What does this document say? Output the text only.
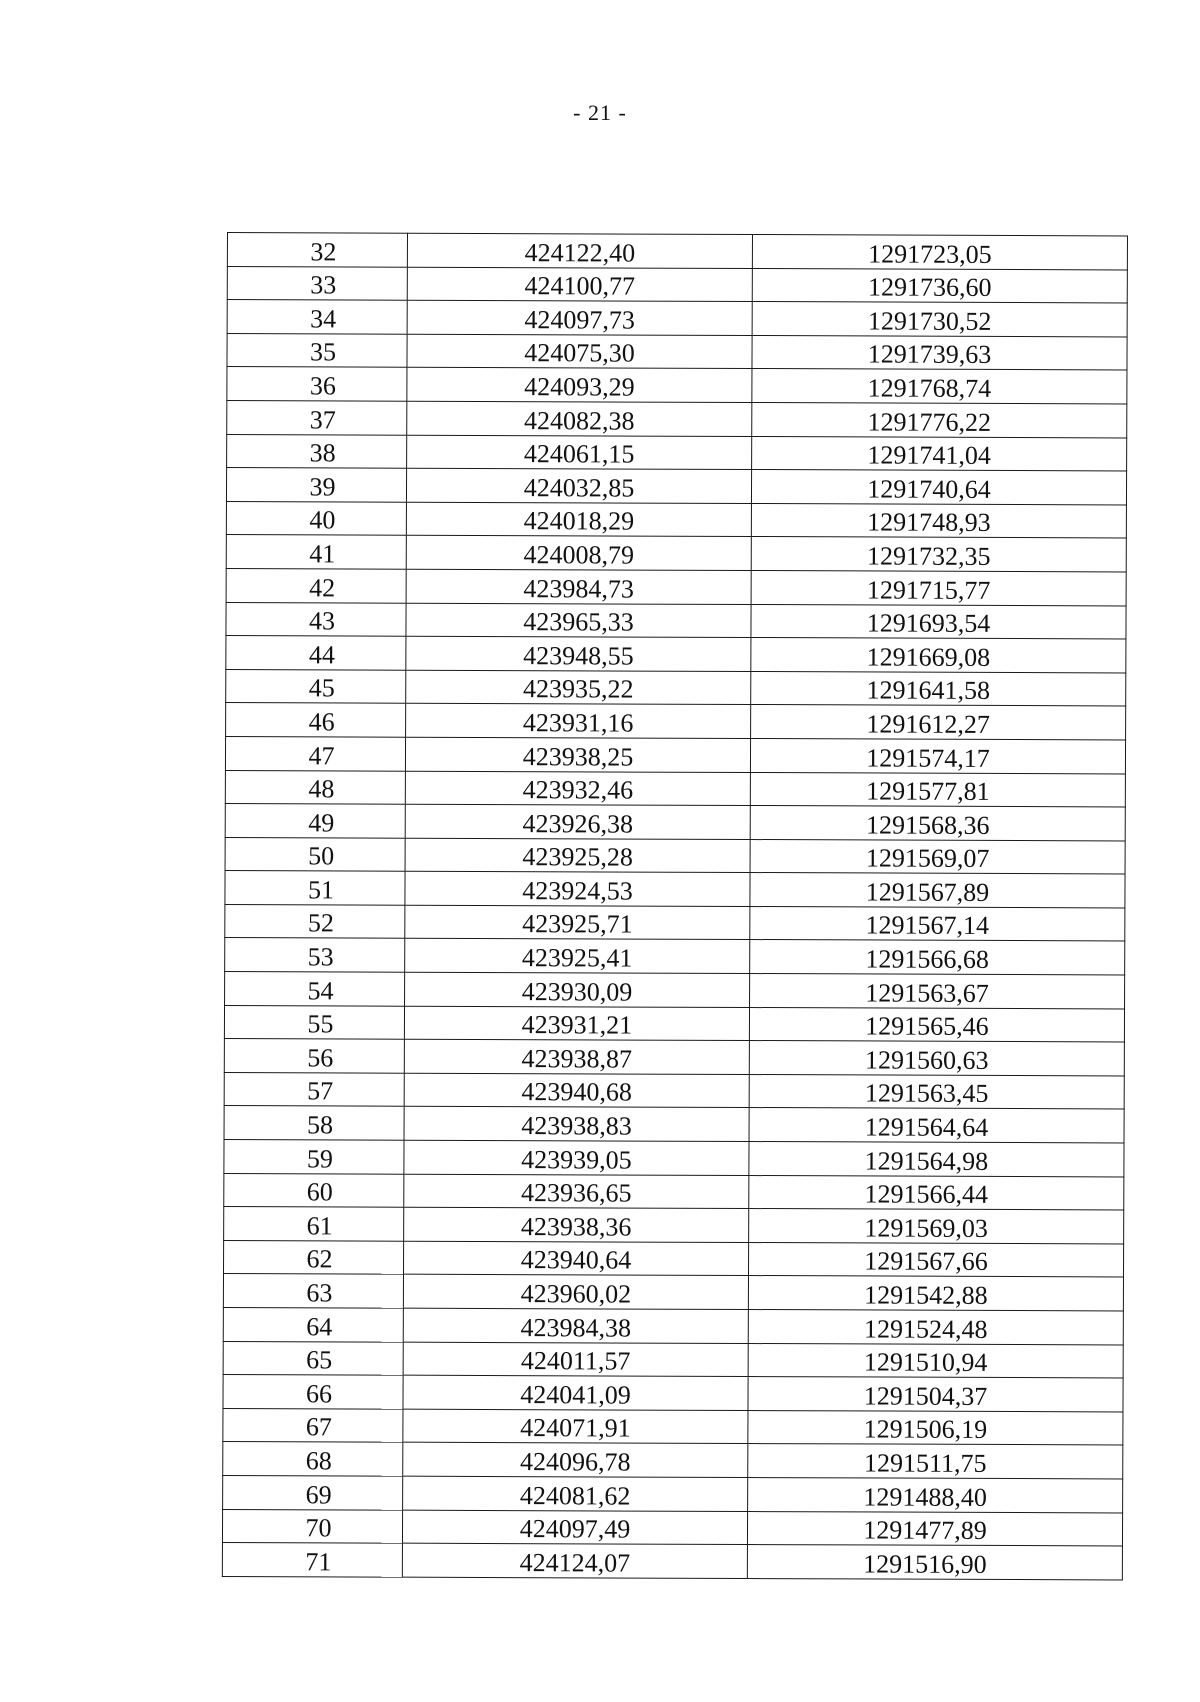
- 21 -
32	424122,40	1291723,05
33	424100,77	1291736,60
34	424097,73	1291730,52
35	424075,30	1291739,63
36	424093,29	1291768,74
37	424082,38	1291776,22
38	424061,15	1291741,04
39	424032,85	1291740,64
40	424018,29	1291748,93
41	424008,79	1291732,35
42	423984,73	1291715,77
43	423965,33	1291693,54
44	423948,55	1291669,08
45	423935,22	1291641,58
46	423931,16	1291612,27
47	423938,25	1291574,17
48	423932,46	1291577,81
49	423926,38	1291568,36
50	423925,28	1291569,07
51	423924,53	1291567,89
52	423925,71	1291567,14
53	423925,41	1291566,68
54	423930,09	1291563,67
55	423931,21	1291565,46
56	423938,87	1291560,63
57	423940,68	1291563,45
58	423938,83	1291564,64
59	423939,05	1291564,98
60	423936,65	1291566,44
61	423938,36	1291569,03
62	423940,64	1291567,66
63	423960,02	1291542,88
64	423984,38	1291524,48
65	424011,57	1291510,94
66	424041,09	1291504,37
67	424071,91	1291506,19
68	424096,78	1291511,75
69	424081,62	1291488,40
70	424097,49	1291477,89
71	424124,07	1291516,90
